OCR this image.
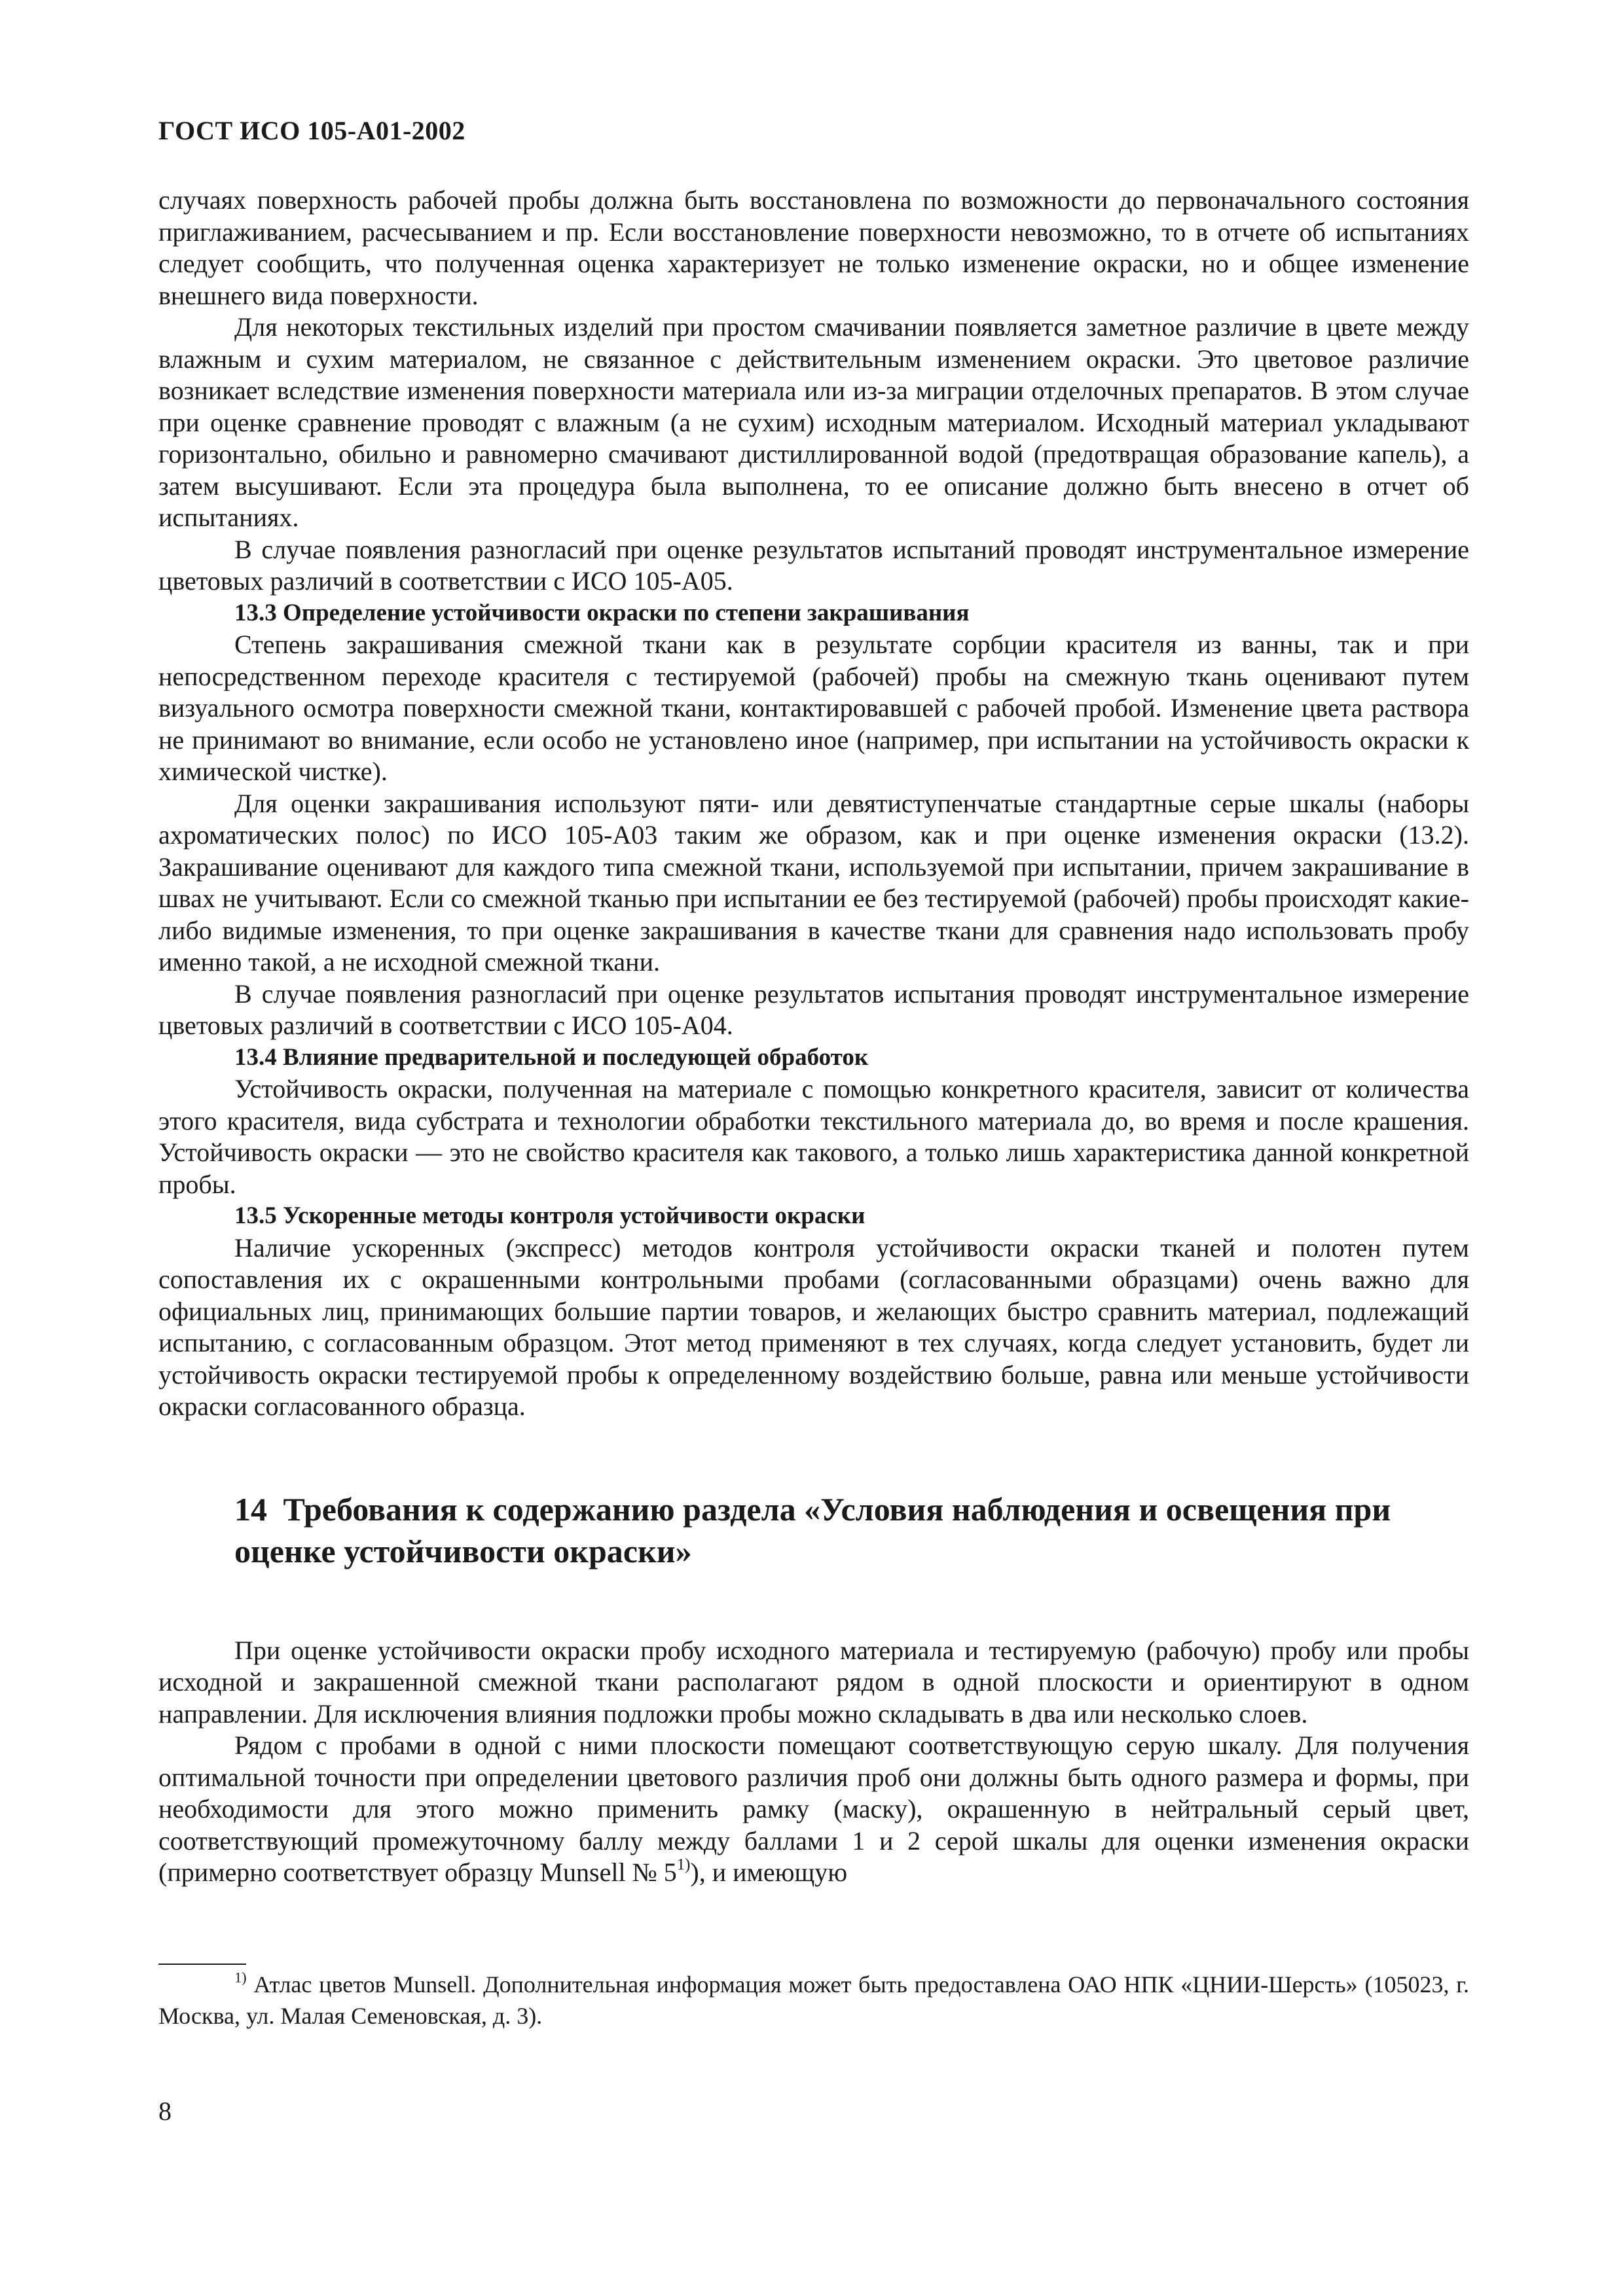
ГОСТ ИСО 105-A01-2002

случаях поверхность рабочей пробы должна быть восстановлена по возможности до первоначального состояния приглаживанием, расчесыванием и пр. Если восстановление поверхности невозможно, то в отчете об испытаниях следует сообщить, что полученная оценка характеризует не только изменение окраски, но и общее изменение внешнего вида поверхности.

Для некоторых текстильных изделий при простом смачивании появляется заметное различие в цвете между влажным и сухим материалом, не связанное с действительным изменением окраски. Это цветовое различие возникает вследствие изменения поверхности материала или из-за миграции отделочных препаратов. В этом случае при оценке сравнение проводят с влажным (а не сухим) исходным материалом. Исходный материал укладывают горизонтально, обильно и равномерно смачивают дистиллированной водой (предотвращая образование капель), а затем высушивают. Если эта процедура была выполнена, то ее описание должно быть внесено в отчет об испытаниях.

В случае появления разногласий при оценке результатов испытаний проводят инструментальное измерение цветовых различий в соответствии с ИСО 105-A05.

13.3 Определение устойчивости окраски по степени закрашивания

Степень закрашивания смежной ткани как в результате сорбции красителя из ванны, так и при непосредственном переходе красителя с тестируемой (рабочей) пробы на смежную ткань оценивают путем визуального осмотра поверхности смежной ткани, контактировавшей с рабочей пробой. Изменение цвета раствора не принимают во внимание, если особо не установлено иное (например, при испытании на устойчивость окраски к химической чистке).

Для оценки закрашивания используют пяти- или девятиступенчатые стандартные серые шкалы (наборы ахроматических полос) по ИСО 105-A03 таким же образом, как и при оценке изменения окраски (13.2). Закрашивание оценивают для каждого типа смежной ткани, используемой при испытании, причем закрашивание в швах не учитывают. Если со смежной тканью при испытании ее без тестируемой (рабочей) пробы происходят какие-либо видимые изменения, то при оценке закрашивания в качестве ткани для сравнения надо использовать пробу именно такой, а не исходной смежной ткани.

В случае появления разногласий при оценке результатов испытания проводят инструментальное измерение цветовых различий в соответствии с ИСО 105-A04.

13.4 Влияние предварительной и последующей обработок

Устойчивость окраски, полученная на материале с помощью конкретного красителя, зависит от количества этого красителя, вида субстрата и технологии обработки текстильного материала до, во время и после крашения. Устойчивость окраски — это не свойство красителя как такового, а только лишь характеристика данной конкретной пробы.

13.5 Ускоренные методы контроля устойчивости окраски

Наличие ускоренных (экспресс) методов контроля устойчивости окраски тканей и полотен путем сопоставления их с окрашенными контрольными пробами (согласованными образцами) очень важно для официальных лиц, принимающих большие партии товаров, и желающих быстро сравнить материал, подлежащий испытанию, с согласованным образцом. Этот метод применяют в тех случаях, когда следует установить, будет ли устойчивость окраски тестируемой пробы к определенному воздействию больше, равна или меньше устойчивости окраски согласованного образца.

14 Требования к содержанию раздела «Условия наблюдения и освещения при оценке устойчивости окраски»

При оценке устойчивости окраски пробу исходного материала и тестируемую (рабочую) пробу или пробы исходной и закрашенной смежной ткани располагают рядом в одной плоскости и ориентируют в одном направлении. Для исключения влияния подложки пробы можно складывать в два или несколько слоев.

Рядом с пробами в одной с ними плоскости помещают соответствующую серую шкалу. Для получения оптимальной точности при определении цветового различия проб они должны быть одного размера и формы, при необходимости для этого можно применить рамку (маску), окрашенную в нейтральный серый цвет, соответствующий промежуточному баллу между баллами 1 и 2 серой шкалы для оценки изменения окраски (примерно соответствует образцу Munsell № 5$^{1)}$), и имеющую

$^{1)}$ Атлас цветов Munsell. Дополнительная информация может быть предоставлена ОАО НПК «ЦНИИ-Шерсть» (105023, г. Москва, ул. Малая Семеновская, д. 3).
8
